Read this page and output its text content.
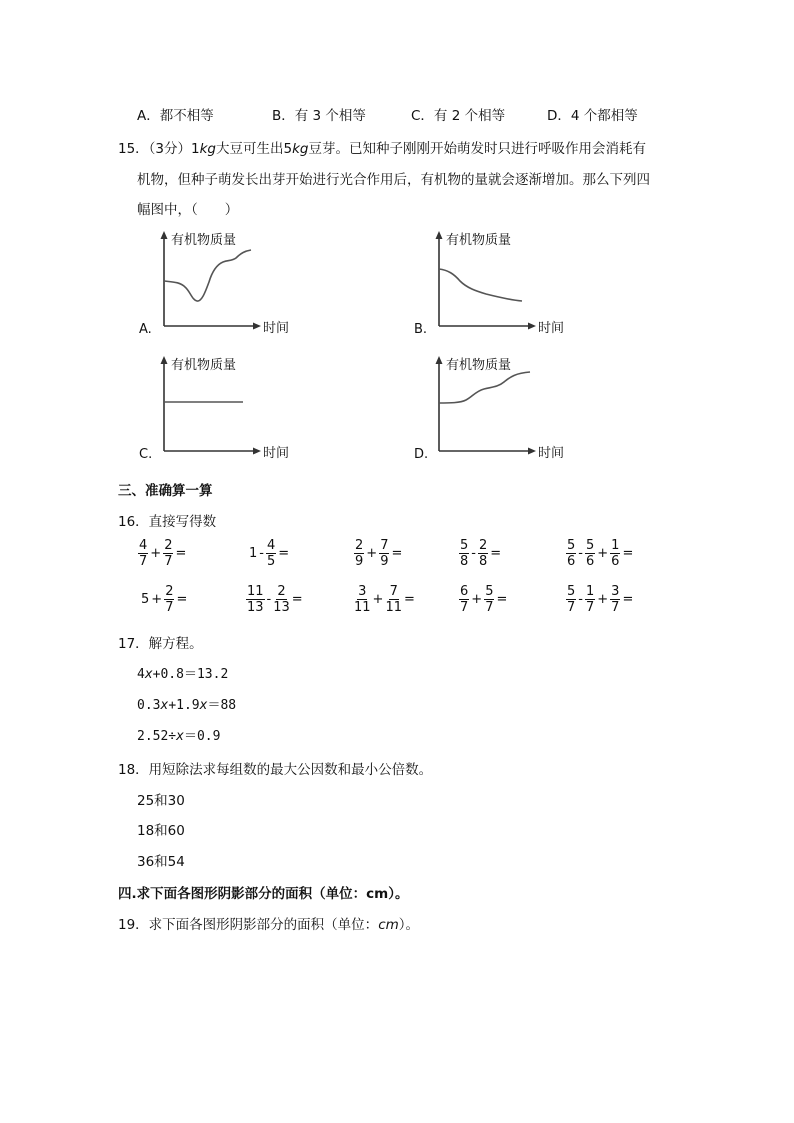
A．都不相等	B．有 3 个相等	C．有 2 个相等	D．4 个都相等
15．（3分）1kg大豆可生出5kg豆芽。已知种子刚刚开始萌发时只进行呼吸作用会消耗有
机物，但种子萌发长出芽开始进行光合作用后，有机物的量就会逐渐增加。那么下列四
幅图中，（　　）
有机物质量
时间
A.
有机物质量
时间
B.
有机物质量
时间
C.
有机物质量
时间
D.
三、准确算一算
16．直接写得数
$\frac{4}{7} + \frac{2}{7}$ =	$1 - \frac{4}{5}$ =	$\frac{2}{9} + \frac{7}{9}$ =	$\frac{5}{8} - \frac{2}{8}$ =	$\frac{5}{6} - \frac{5}{6} + \frac{1}{6}$ =
$5 + \frac{2}{7}$ =	$\frac{11}{13} - \frac{2}{13}$ =	$\frac{3}{11} + \frac{7}{11}$ =	$\frac{6}{7} + \frac{5}{7}$ =	$\frac{5}{7} - \frac{1}{7} + \frac{3}{7}$ =
17．解方程。
4x+0.8＝13.2
0.3x+1.9x＝88
2.52÷x＝0.9
18．用短除法求每组数的最大公因数和最小公倍数。
25和30
18和60
36和54
四.求下面各图形阴影部分的面积（单位：cm）。
19．求下面各图形阴影部分的面积（单位：cm）。
